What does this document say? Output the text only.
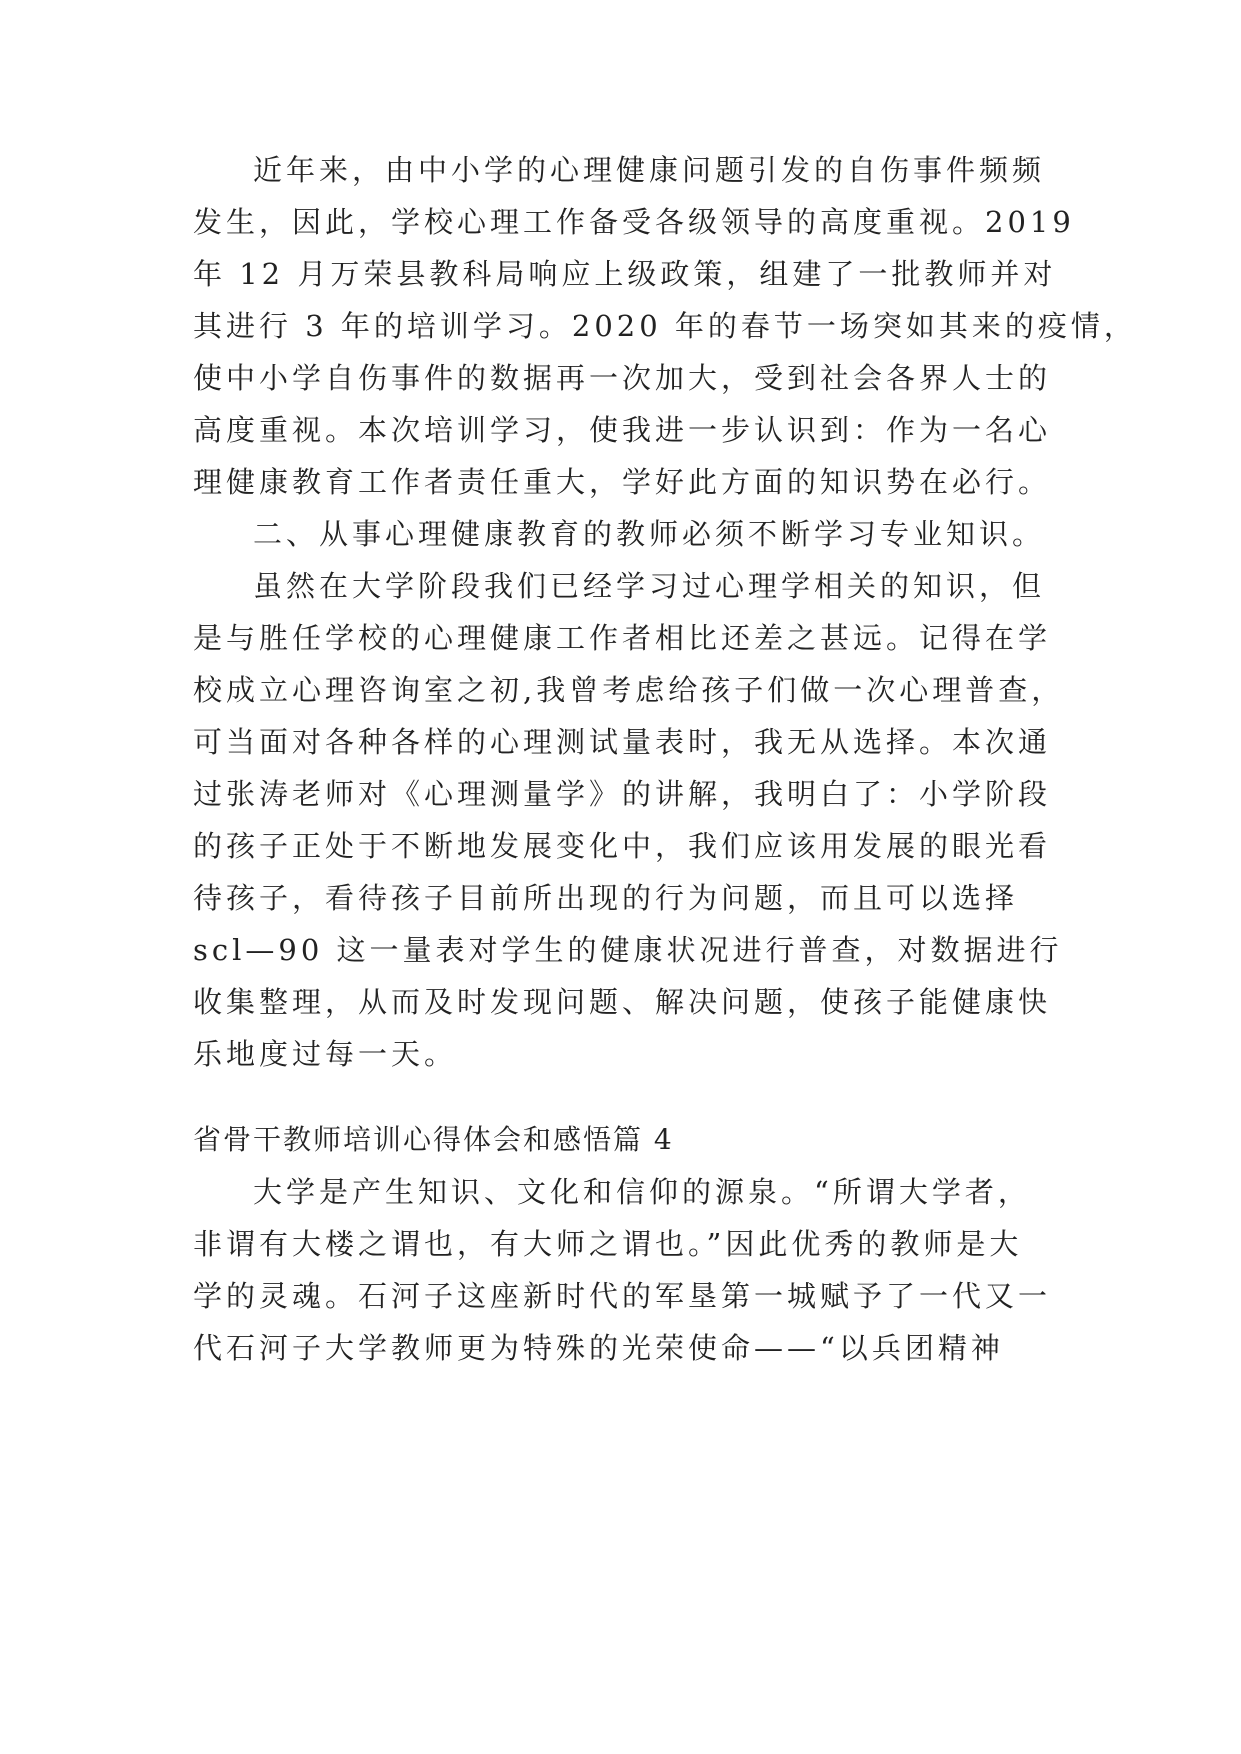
近年来，由中小学的心理健康问题引发的自伤事件频频
发生，因此，学校心理工作备受各级领导的高度重视。2019
年 12 月万荣县教科局响应上级政策，组建了一批教师并对
其进行 3 年的培训学习。2020 年的春节一场突如其来的疫情，
使中小学自伤事件的数据再一次加大，受到社会各界人士的
高度重视。本次培训学习，使我进一步认识到：作为一名心
理健康教育工作者责任重大，学好此方面的知识势在必行。
二、从事心理健康教育的教师必须不断学习专业知识。
虽然在大学阶段我们已经学习过心理学相关的知识，但
是与胜任学校的心理健康工作者相比还差之甚远。记得在学
校成立心理咨询室之初,我曾考虑给孩子们做一次心理普查，
可当面对各种各样的心理测试量表时，我无从选择。本次通
过张涛老师对《心理测量学》的讲解，我明白了：小学阶段
的孩子正处于不断地发展变化中，我们应该用发展的眼光看
待孩子，看待孩子目前所出现的行为问题，而且可以选择
scl—90 这一量表对学生的健康状况进行普查，对数据进行
收集整理，从而及时发现问题、解决问题，使孩子能健康快
乐地度过每一天。
省骨干教师培训心得体会和感悟篇 4
大学是产生知识、文化和信仰的源泉。“所谓大学者，
非谓有大楼之谓也，有大师之谓也。”因此优秀的教师是大
学的灵魂。石河子这座新时代的军垦第一城赋予了一代又一
代石河子大学教师更为特殊的光荣使命——“以兵团精神
